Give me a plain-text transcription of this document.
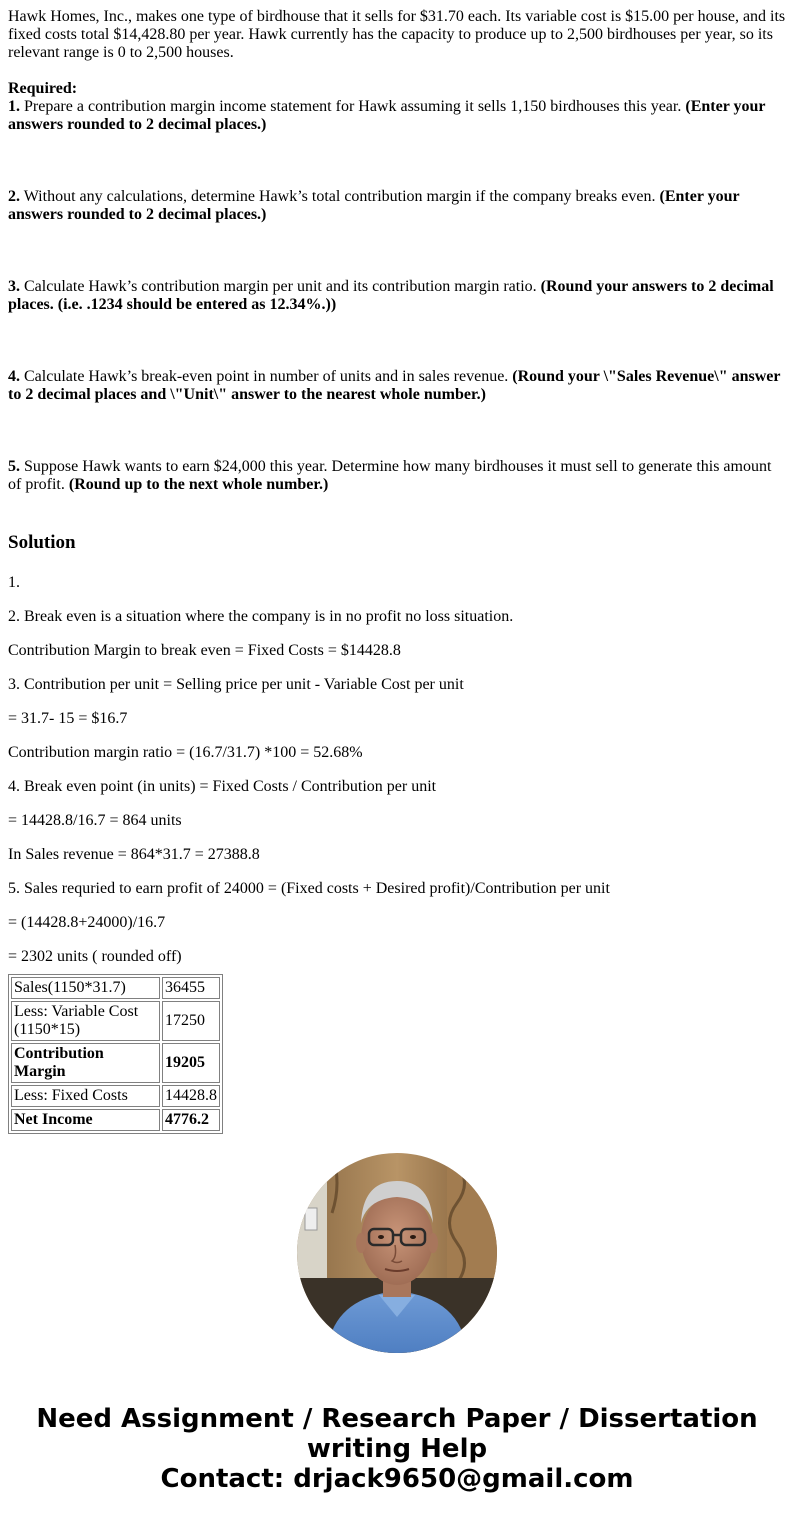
Hawk Homes, Inc., makes one type of birdhouse that it sells for $31.70 each. Its variable cost is $15.00 per house, and its fixed costs total $14,428.80 per year. Hawk currently has the capacity to produce up to 2,500 birdhouses per year, so its relevant range is 0 to 2,500 houses.

Required:

1. Prepare a contribution margin income statement for Hawk assuming it sells 1,150 birdhouses this year. (Enter your answers rounded to 2 decimal places.)

2. Without any calculations, determine Hawk’s total contribution margin if the company breaks even. (Enter your answers rounded to 2 decimal places.)

3. Calculate Hawk’s contribution margin per unit and its contribution margin ratio. (Round your answers to 2 decimal places. (i.e. .1234 should be entered as 12.34%.))

4. Calculate Hawk’s break-even point in number of units and in sales revenue. (Round your \"Sales Revenue\" answer to 2 decimal places and \"Unit\" answer to the nearest whole number.)

5. Suppose Hawk wants to earn $24,000 this year. Determine how many birdhouses it must sell to generate this amount of profit. (Round up to the next whole number.)

Solution

1.

2. Break even is a situation where the company is in no profit no loss situation.

Contribution Margin to break even = Fixed Costs = $14428.8

3. Contribution per unit = Selling price per unit - Variable Cost per unit

= 31.7- 15 = $16.7

Contribution margin ratio = (16.7/31.7) *100 = 52.68%

4. Break even point (in units) = Fixed Costs / Contribution per unit

= 14428.8/16.7 = 864 units

In Sales revenue = 864*31.7 = 27388.8

5. Sales requried to earn profit of 24000 = (Fixed costs + Desired profit)/Contribution per unit

= (14428.8+24000)/16.7

= 2302 units ( rounded off)

Sales(1150*31.7)	36455
Less: Variable Cost (1150*15)	17250
Contribution Margin	19205
Less: Fixed Costs	14428.8
Net Income	4776.2
Need Assignment / Research Paper / Dissertation
writing Help
Contact: drjack9650@gmail.com
